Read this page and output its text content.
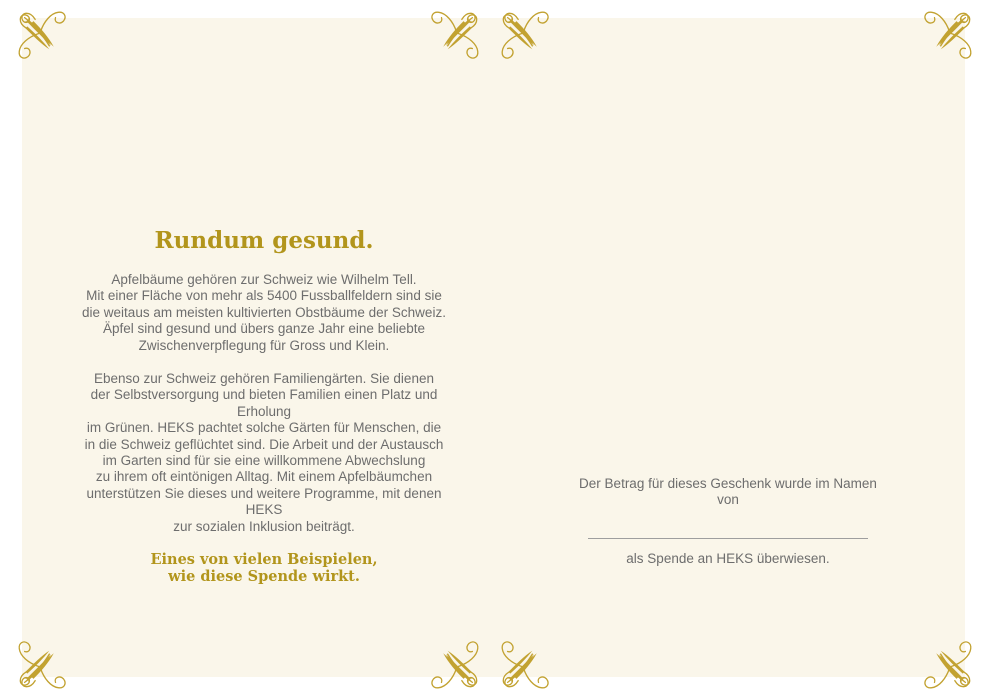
Rundum gesund.
Apfelbäume gehören zur Schweiz wie Wilhelm Tell.
Mit einer Fläche von mehr als 5400 Fussballfeldern sind sie
die weitaus am meisten kultivierten Obstbäume der Schweiz.
Äpfel sind gesund und übers ganze Jahr eine beliebte
Zwischenverpflegung für Gross und Klein.
Ebenso zur Schweiz gehören Familiengärten. Sie dienen
der Selbstversorgung und bieten Familien einen Platz und Erholung
im Grünen. HEKS pachtet solche Gärten für Menschen, die
in die Schweiz geflüchtet sind. Die Arbeit und der Austausch
im Garten sind für sie eine willkommene Abwechslung
zu ihrem oft eintönigen Alltag. Mit einem Apfelbäumchen
unterstützen Sie dieses und weitere Programme, mit denen HEKS
zur sozialen Inklusion beiträgt.
Eines von vielen Beispielen,
wie diese Spende wirkt.
Der Betrag für dieses Geschenk wurde im Namen von
als Spende an HEKS überwiesen.
